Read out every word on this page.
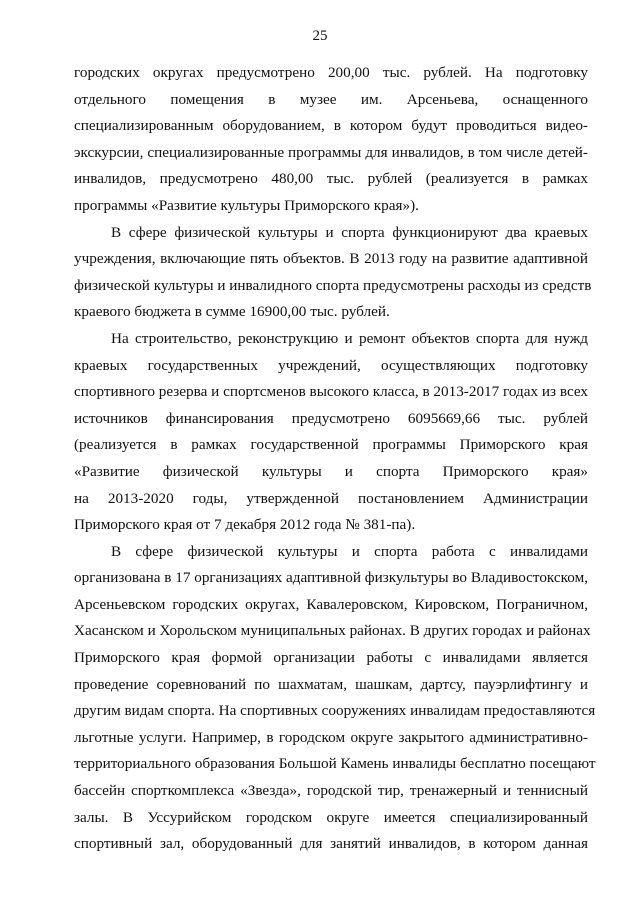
25
городских округах предусмотрено 200,00 тыс. рублей. На подготовку
отдельного помещения в музее им. Арсеньева, оснащенного
специализированным оборудованием, в котором будут проводиться видео-
экскурсии, специализированные программы для инвалидов, в том числе детей-
инвалидов, предусмотрено 480,00 тыс. рублей (реализуется в рамках
программы «Развитие культуры Приморского края»).
В сфере физической культуры и спорта функционируют два краевых
учреждения, включающие пять объектов. В 2013 году на развитие адаптивной
физической культуры и инвалидного спорта предусмотрены расходы из средств
краевого бюджета в сумме 16900,00 тыс. рублей.
На строительство, реконструкцию и ремонт объектов спорта для нужд
краевых государственных учреждений, осуществляющих подготовку
спортивного резерва и спортсменов высокого класса, в 2013-2017 годах из всех
источников финансирования предусмотрено 6095669,66 тыс. рублей
(реализуется в рамках государственной программы Приморского края
«Развитие физической культуры и спорта Приморского края»
на 2013-2020 годы, утвержденной постановлением Администрации
Приморского края от 7 декабря 2012 года № 381-па).
В сфере физической культуры и спорта работа с инвалидами
организована в 17 организациях адаптивной физкультуры во Владивостокском,
Арсеньевском городских округах, Кавалеровском, Кировском, Пограничном,
Хасанском и Хорольском муниципальных районах. В других городах и районах
Приморского края формой организации работы с инвалидами является
проведение соревнований по шахматам, шашкам, дартсу, пауэрлифтингу и
другим видам спорта. На спортивных сооружениях инвалидам предоставляются
льготные услуги. Например, в городском округе закрытого административно-
территориального образования Большой Камень инвалиды бесплатно посещают
бассейн спорткомплекса «Звезда», городской тир, тренажерный и теннисный
залы. В Уссурийском городском округе имеется специализированный
спортивный зал, оборудованный для занятий инвалидов, в котором данная
